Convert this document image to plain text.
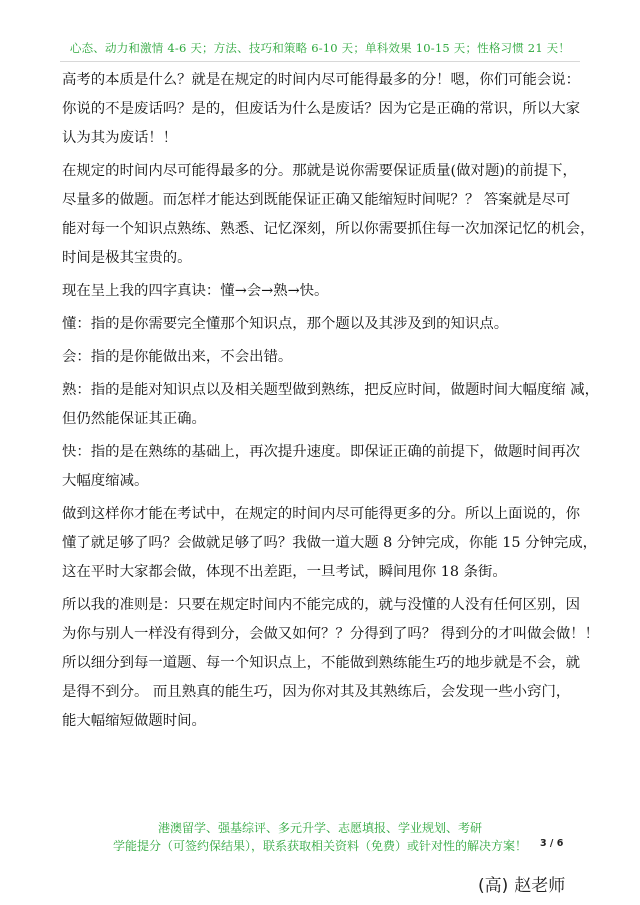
心态、动力和激情 4-6 天；方法、技巧和策略 6-10 天；单科效果 10-15 天；性格习惯 21 天！

高考的本质是什么？就是在规定的时间内尽可能得最多的分！嗯，你们可能会说：
你说的不是废话吗？是的，但废话为什么是废话？因为它是正确的常识，所以大家
认为其为废话！！

在规定的时间内尽可能得最多的分。那就是说你需要保证质量(做对题)的前提下，
尽量多的做题。而怎样才能达到既能保证正确又能缩短时间呢？？ 答案就是尽可
能对每一个知识点熟练、熟悉、记忆深刻，所以你需要抓住每一次加深记忆的机会，
时间是极其宝贵的。

现在呈上我的四字真诀：懂→会→熟→快。

懂：指的是你需要完全懂那个知识点，那个题以及其涉及到的知识点。

会：指的是你能做出来，不会出错。

熟：指的是能对知识点以及相关题型做到熟练，把反应时间，做题时间大幅度缩 减，
但仍然能保证其正确。

快：指的是在熟练的基础上，再次提升速度。即保证正确的前提下，做题时间再次
大幅度缩减。

做到这样你才能在考试中，在规定的时间内尽可能得更多的分。所以上面说的，你
懂了就足够了吗？会做就足够了吗？我做一道大题 8 分钟完成，你能 15 分钟完成，
这在平时大家都会做，体现不出差距，一旦考试，瞬间甩你 18 条街。

所以我的准则是：只要在规定时间内不能完成的，就与没懂的人没有任何区别，因
为你与别人一样没有得到分，会做又如何？？分得到了吗？ 得到分的才叫做会做！！
所以细分到每一道题、每一个知识点上，不能做到熟练能生巧的地步就是不会，就
是得不到分。 而且熟真的能生巧，因为你对其及其熟练后，会发现一些小窍门，
能大幅缩短做题时间。

港澳留学、强基综评、多元升学、志愿填报、学业规划、考研
学能提分（可签约保结果），联系获取相关资料（免费）或针对性的解决方案！	3 / 6
(高) 赵老师
